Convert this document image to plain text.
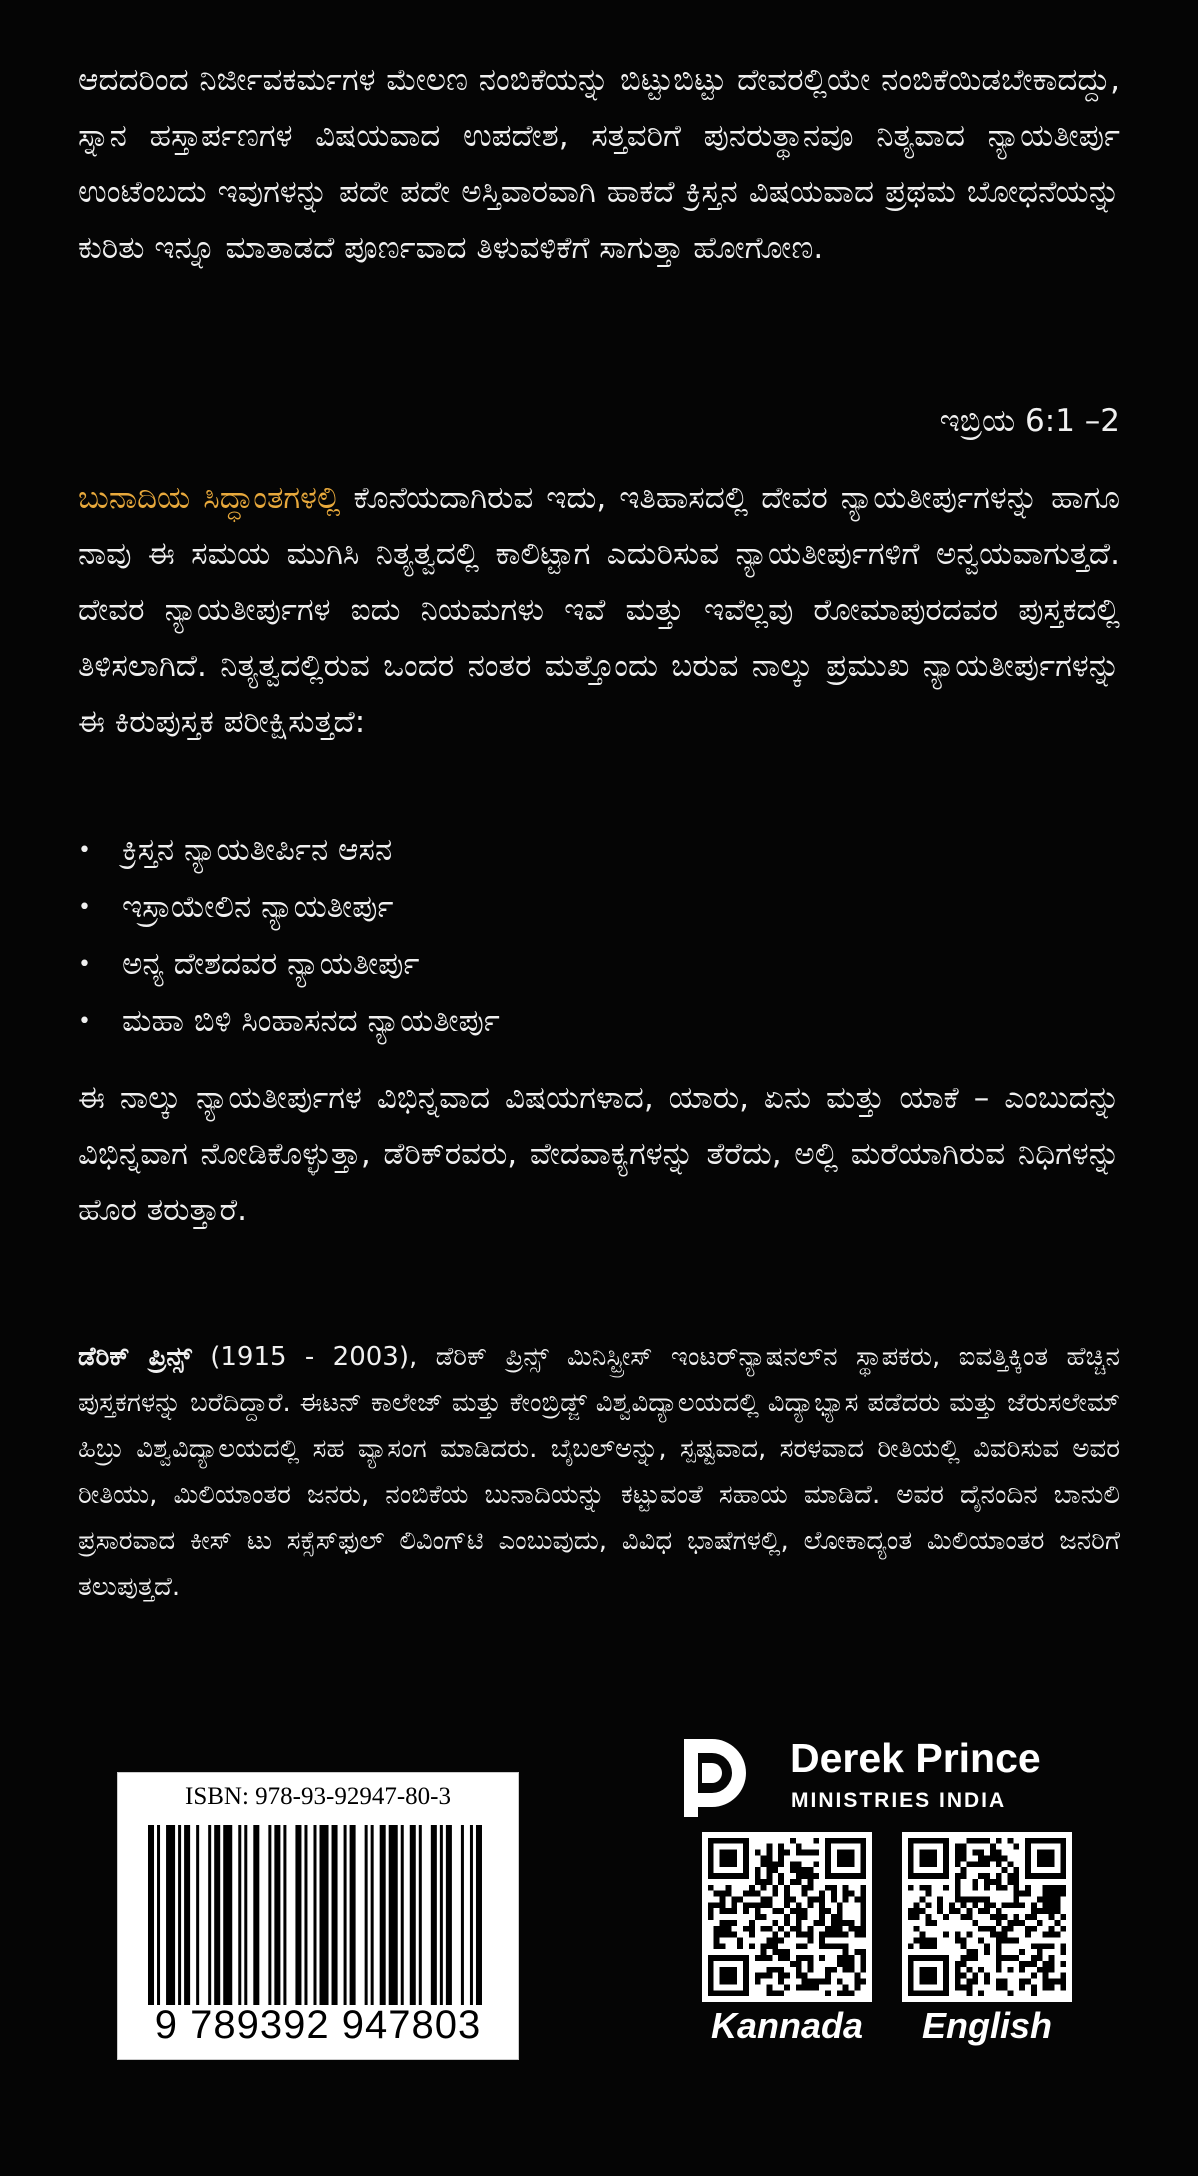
ಆದದರಿಂದ ನಿರ್ಜೀವಕರ್ಮಗಳ ಮೇಲಣ ನಂಬಿಕೆಯನ್ನು ಬಿಟ್ಟುಬಿಟ್ಟು ದೇವರಲ್ಲಿಯೇ ನಂಬಿಕೆಯಿಡಬೇಕಾದದ್ದು, ಸ್ನಾನ ಹಸ್ತಾರ್ಪಣಗಳ ವಿಷಯವಾದ ಉಪದೇಶ, ಸತ್ತವರಿಗೆ ಪುನರುತ್ಥಾನವೂ ನಿತ್ಯವಾದ ನ್ಯಾಯತೀರ್ಪು ಉಂಟೆಂಬದು ಇವುಗಳನ್ನು ಪದೇ ಪದೇ ಅಸ್ತಿವಾರವಾಗಿ ಹಾಕದೆ ಕ್ರಿಸ್ತನ ವಿಷಯವಾದ ಪ್ರಥಮ ಬೋಧನೆಯನ್ನು ಕುರಿತು ಇನ್ನೂ ಮಾತಾಡದೆ ಪೂರ್ಣವಾದ ತಿಳುವಳಿಕೆಗೆ ಸಾಗುತ್ತಾ ಹೋಗೋಣ.

ಇಬ್ರಿಯ 6:1 –2

ಬುನಾದಿಯ ಸಿದ್ಧಾಂತಗಳಲ್ಲಿ ಕೊನೆಯದಾಗಿರುವ ಇದು, ಇತಿಹಾಸದಲ್ಲಿ ದೇವರ ನ್ಯಾಯತೀರ್ಪುಗಳನ್ನು ಹಾಗೂ ನಾವು ಈ ಸಮಯ ಮುಗಿಸಿ ನಿತ್ಯತ್ವದಲ್ಲಿ ಕಾಲಿಟ್ಟಾಗ ಎದುರಿಸುವ ನ್ಯಾಯತೀರ್ಪುಗಳಿಗೆ ಅನ್ವಯವಾಗುತ್ತದೆ. ದೇವರ ನ್ಯಾಯತೀರ್ಪುಗಳ ಐದು ನಿಯಮಗಳು ಇವೆ ಮತ್ತು ಇವೆಲ್ಲವು ರೋಮಾಪುರದವರ ಪುಸ್ತಕದಲ್ಲಿ ತಿಳಿಸಲಾಗಿದೆ. ನಿತ್ಯತ್ವದಲ್ಲಿರುವ ಒಂದರ ನಂತರ ಮತ್ತೊಂದು ಬರುವ ನಾಲ್ಕು ಪ್ರಮುಖ ನ್ಯಾಯತೀರ್ಪುಗಳನ್ನು ಈ ಕಿರುಪುಸ್ತಕ ಪರೀಕ್ಷಿಸುತ್ತದೆ:

• ಕ್ರಿಸ್ತನ ನ್ಯಾಯತೀರ್ಪಿನ ಆಸನ
• ಇಸ್ರಾಯೇಲಿನ ನ್ಯಾಯತೀರ್ಪು
• ಅನ್ಯ ದೇಶದವರ ನ್ಯಾಯತೀರ್ಪು
• ಮಹಾ ಬಿಳಿ ಸಿಂಹಾಸನದ ನ್ಯಾಯತೀರ್ಪು

ಈ ನಾಲ್ಕು ನ್ಯಾಯತೀರ್ಪುಗಳ ವಿಭಿನ್ನವಾದ ವಿಷಯಗಳಾದ, ಯಾರು, ಏನು ಮತ್ತು ಯಾಕೆ – ಎಂಬುದನ್ನು ವಿಭಿನ್ನವಾಗ ನೋಡಿಕೊಳ್ಳುತ್ತಾ, ಡೆರಿಕ್‌ರವರು, ವೇದವಾಕ್ಯಗಳನ್ನು ತೆರೆದು, ಅಲ್ಲಿ ಮರೆಯಾಗಿರುವ ನಿಧಿಗಳನ್ನು ಹೊರ ತರುತ್ತಾರೆ.

ಡೆರಿಕ್ ಪ್ರಿನ್ಸ್ (1915 - 2003), ಡೆರಿಕ್ ಪ್ರಿನ್ಸ್ ಮಿನಿಸ್ಟ್ರೀಸ್ ಇಂಟರ್‌ನ್ಯಾಷನಲ್‌ನ ಸ್ಥಾಪಕರು, ಐವತ್ತಿಕ್ಕಿಂತ ಹೆಚ್ಚಿನ ಪುಸ್ತಕಗಳನ್ನು ಬರೆದಿದ್ದಾರೆ. ಈಟನ್ ಕಾಲೇಜ್ ಮತ್ತು ಕೇಂಬ್ರಿಡ್ಜ್ ವಿಶ್ವವಿದ್ಯಾಲಯದಲ್ಲಿ ವಿದ್ಯಾಭ್ಯಾಸ ಪಡೆದರು ಮತ್ತು ಜೆರುಸಲೇಮ್ ಹಿಬ್ರು ವಿಶ್ವವಿದ್ಯಾಲಯದಲ್ಲಿ ಸಹ ವ್ಯಾಸಂಗ ಮಾಡಿದರು. ಬೈಬಲ್‌ಅನ್ನು, ಸ್ಪಷ್ಟವಾದ, ಸರಳವಾದ ರೀತಿಯಲ್ಲಿ ವಿವರಿಸುವ ಅವರ ರೀತಿಯು, ಮಿಲಿಯಾಂತರ ಜನರು, ನಂಬಿಕೆಯ ಬುನಾದಿಯನ್ನು ಕಟ್ಟುವಂತೆ ಸಹಾಯ ಮಾಡಿದೆ. ಅವರ ದೈನಂದಿನ ಬಾನುಲಿ ಪ್ರಸಾರವಾದ ಕೀಸ್ ಟು ಸಕ್ಸೆಸ್‌ಫುಲ್ ಲಿವಿಂಗ್‌ಟಿ ಎಂಬುವುದು, ವಿವಿಧ ಭಾಷೆಗಳಲ್ಲಿ, ಲೋಕಾದ್ಯಂತ ಮಿಲಿಯಾಂತರ ಜನರಿಗೆ ತಲುಪುತ್ತದೆ.

ISBN: 978-93-92947-80-3
9 789392 947803
Derek Prince
MINISTRIES INDIA
Kannada	English
